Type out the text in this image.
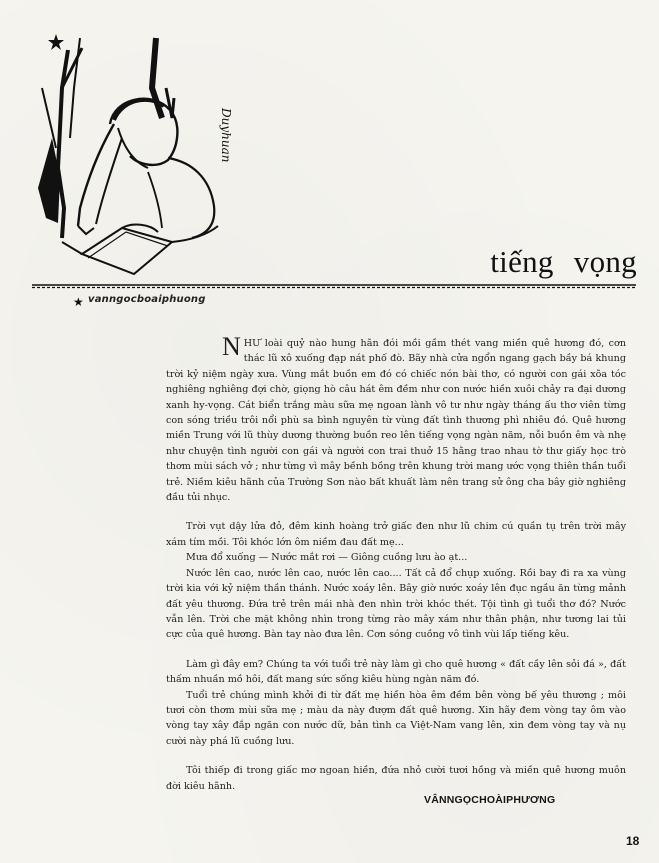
Duyhuan
tiếng vọng
★ vanngocboaiphuong

NHƯ loài quỷ nào hung hãn đói mồi gầm thét vang miền quê hương đó, cơn thác lũ xô xuống đạp nát phố đò. Bãy nhà cửa ngổn ngang gạch bầy bá khung trời kỷ niệm ngày xưa. Vùng mắt buồn em đó có chiếc nón bài thơ, có người con gái xõa tóc nghiêng nghiêng đợi chờ, giọng hò câu hát êm đềm như con nước hiền xuôi chảy ra đại dương xanh hy-vọng. Cát biển trắng màu sữa mẹ ngoan lành vô tư như ngày tháng ấu thơ viên từng con sóng triều trôi nổi phù sa bình nguyên từ vùng đất tình thương phì nhiêu đó. Quê hương miền Trung với lũ thùy dương thường buồn reo lên tiếng vọng ngàn năm, nỗi buồn êm và nhẹ như chuyện tình người con gái và người con trai thuở 15 hằng trao nhau tờ thư giấy học trò thơm mùi sách vở ; như từng vì mây bềnh bồng trên khung trời mang ước vọng thiên thần tuổi trẻ. Niềm kiêu hãnh của Trường Sơn nào bất khuất làm nên trang sử ông cha bây giờ nghiêng đầu tủi nhục.

Trời vụt dậy lửa đỏ, đêm kinh hoàng trở giấc đen như lũ chim cú quần tụ trên trời mây xám tím mồi. Tôi khóc lớn ôm niềm đau đất mẹ...

Mưa đổ xuống — Nước mắt rơi — Giông cuồng lưu ào ạt...

Nước lên cao, nước lên cao, nước lên cao.... Tất cả đổ chụp xuống. Rồi bay đi ra xa vùng trời kia với kỷ niệm thần thánh. Nước xoáy lên. Bây giờ nước xoáy lên đục ngầu ăn từng mảnh đất yêu thương. Đứa trẻ trên mái nhà đen nhìn trời khóc thét. Tội tình gì tuổi thơ đó? Nước vẫn lên. Trời che mặt không nhìn trong từng rào mây xám như thân phận, như tương lai tủi cực của quê hương. Bàn tay nào đưa lên. Cơn sóng cuồng vô tình vùi lấp tiếng kêu.

Làm gì đây em? Chúng ta với tuổi trẻ này làm gì cho quê hương « đất cầy lên sỏi đá », đất thấm nhuần mồ hôi, đất mang sức sống kiêu hùng ngàn năm đó.

Tuổi trẻ chúng mình khởi đi từ đất mẹ hiền hòa êm đềm bên vòng bế yêu thương ; môi tươi còn thơm mùi sữa mẹ ; màu da này đượm đất quê hương. Xin hãy đem vòng tay ôm vào vòng tay xây đắp ngăn con nước dữ, bản tình ca Việt-Nam vang lên, xin đem vòng tay và nụ cười này phá lũ cuồng lưu.

Tôi thiếp đi trong giấc mơ ngoan hiền, đứa nhỏ cười tươi hồng và miền quê hương muôn đời kiêu hãnh.

VÂNNGỌCHOÀIPHƯƠNG
18
